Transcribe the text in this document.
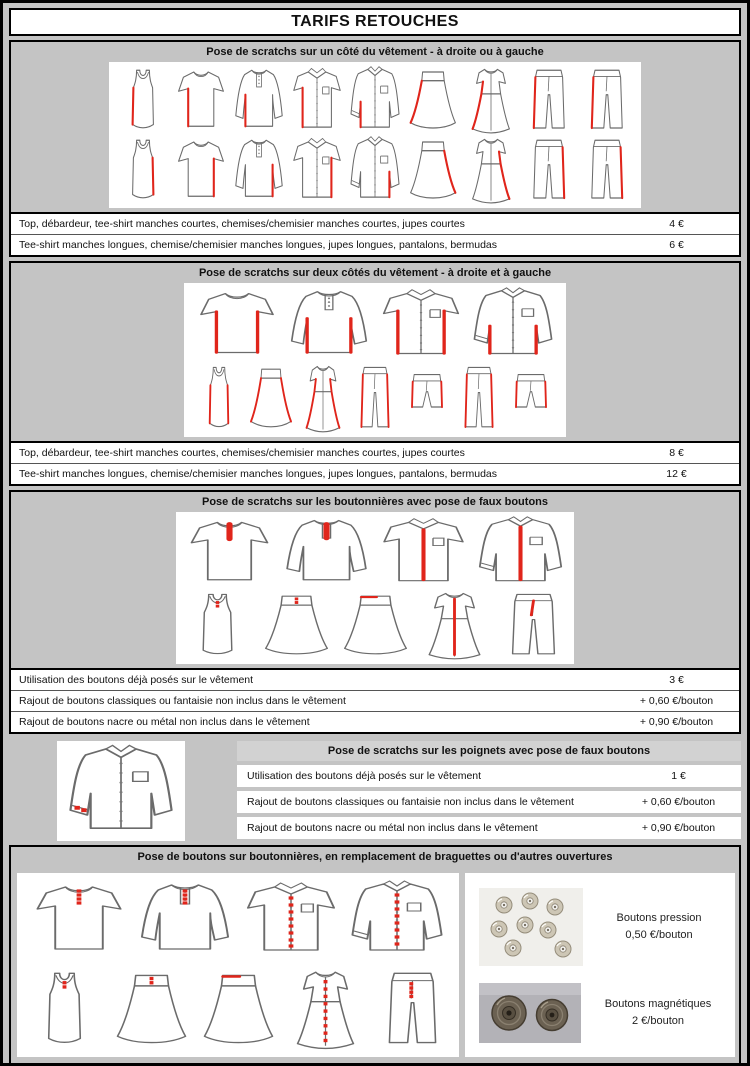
TARIFS RETOUCHES
Pose de scratchs sur un côté du vêtement - à droite ou à gauche
Top, débardeur, tee-shirt manches courtes, chemises/chemisier manches courtes, jupes courtes	4 €
Tee-shirt manches longues, chemise/chemisier manches longues, jupes longues, pantalons, bermudas	6 €
Pose de scratchs sur deux côtés du vêtement - à droite et à gauche
Top, débardeur, tee-shirt manches courtes, chemises/chemisier manches courtes, jupes courtes	8 €
Tee-shirt manches longues, chemise/chemisier manches longues, jupes longues, pantalons, bermudas	12 €
Pose de scratchs sur les boutonnières avec pose de faux boutons
Utilisation des boutons déjà posés sur le vêtement	3 €
Rajout de boutons classiques ou fantaisie non inclus dans le vêtement	+ 0,60 €/bouton
Rajout de boutons nacre ou métal non inclus dans le vêtement	+ 0,90 €/bouton
Pose de scratchs sur les poignets avec pose de faux boutons
Utilisation des boutons déjà posés sur le vêtement	1 €
Rajout de boutons classiques ou fantaisie non inclus dans le vêtement	+ 0,60 €/bouton
Rajout de boutons nacre ou métal non inclus dans le vêtement	+ 0,90 €/bouton
Pose de boutons sur boutonnières, en remplacement de braguettes ou d'autres ouvertures
Boutons pression
0,50 €/bouton
Boutons magnétiques
2 €/bouton
